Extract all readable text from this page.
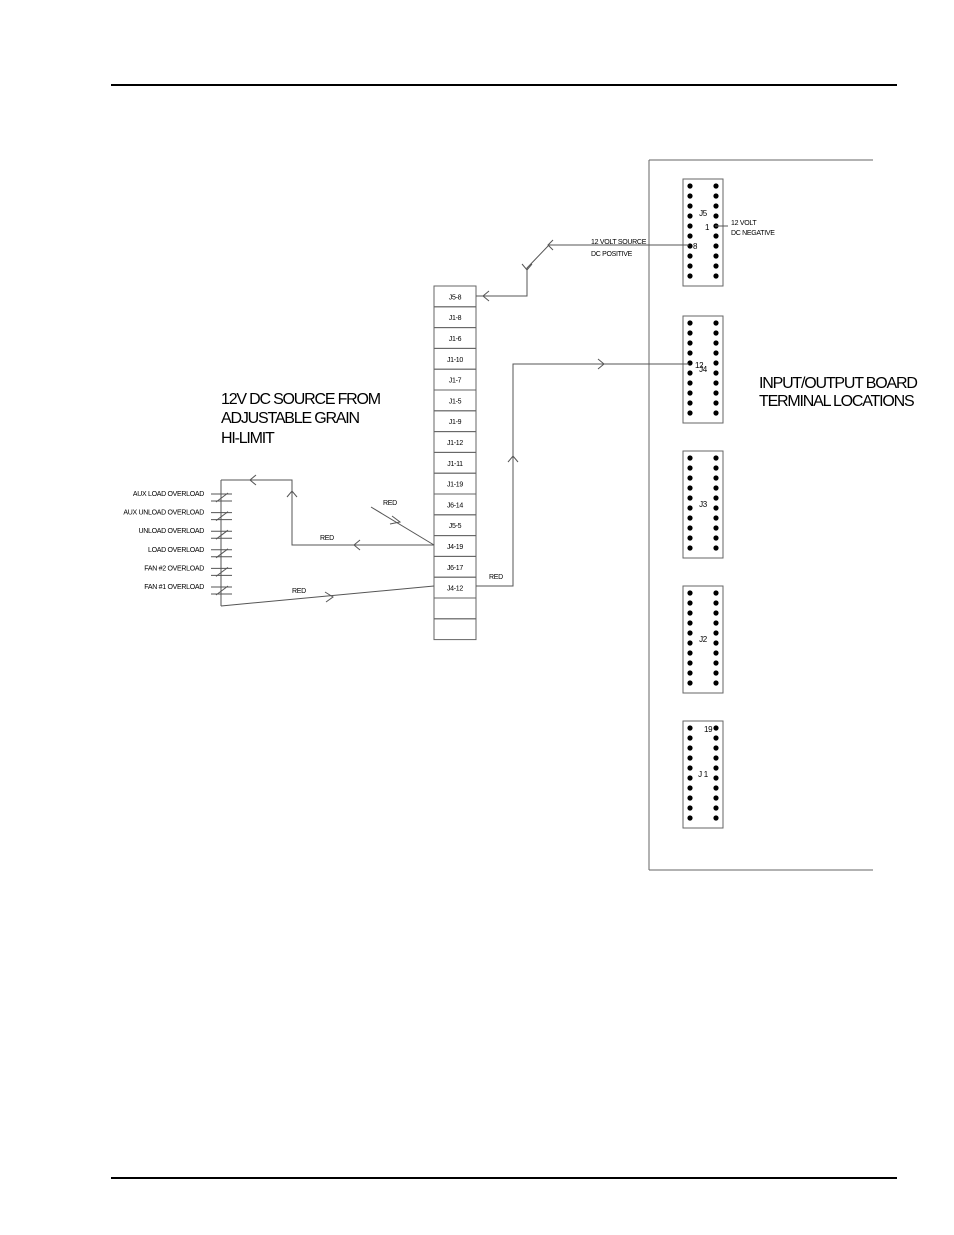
12V DC SOURCE FROM
ADJUSTABLE GRAIN
HI-LIMIT
INPUT/OUTPUT BOARD
TERMINAL LOCATIONS
J5-8
J1-8
J1-6
J1-10
J1-7
J1-5
J1-9
J1-12
J1-11
J1-19
J6-14
J5-5
J4-19
J6-17
J4-12
AUX LOAD OVERLOAD
AUX UNLOAD OVERLOAD
UNLOAD OVERLOAD
LOAD OVERLOAD
FAN #2 OVERLOAD
FAN #1 OVERLOAD
J5
J4
J3
J2
J 1
1
8
12
19
12 VOLT
DC NEGATIVE
12 VOLT SOURCE
DC POSITIVE
RED
RED
RED
RED
